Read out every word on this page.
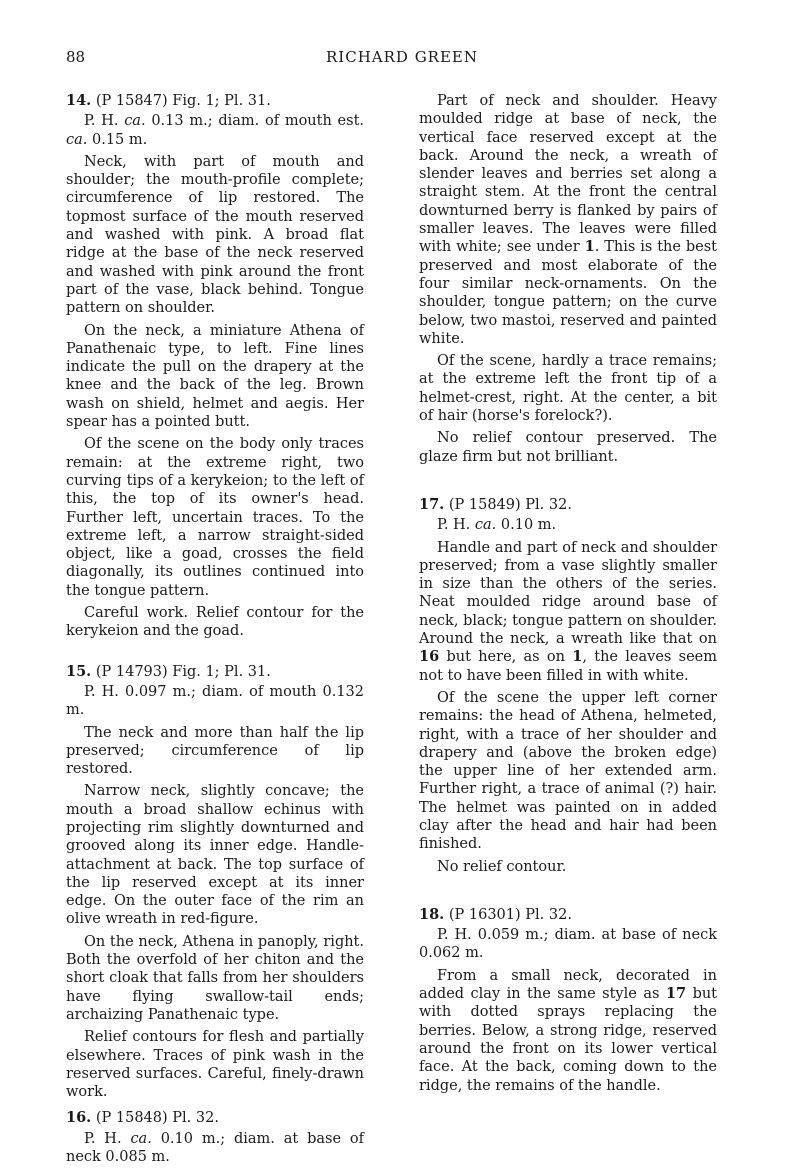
88	RICHARD GREEN
14. (P 15847) Fig. 1; Pl. 31.

P. H. ca. 0.13 m.; diam. of mouth est. ca. 0.15 m.

Neck, with part of mouth and shoulder; the mouth-profile complete; circumference of lip restored. The topmost surface of the mouth reserved and washed with pink. A broad flat ridge at the base of the neck reserved and washed with pink around the front part of the vase, black behind. Tongue pattern on shoulder.

On the neck, a miniature Athena of Panathenaic type, to left. Fine lines indicate the pull on the drapery at the knee and the back of the leg. Brown wash on shield, helmet and aegis. Her spear has a pointed butt.

Of the scene on the body only traces remain: at the extreme right, two curving tips of a kerykeion; to the left of this, the top of its owner's head. Further left, uncertain traces. To the extreme left, a narrow straight-sided object, like a goad, crosses the field diagonally, its outlines continued into the tongue pattern.

Careful work. Relief contour for the kerykeion and the goad.

15. (P 14793) Fig. 1; Pl. 31.

P. H. 0.097 m.; diam. of mouth 0.132 m.

The neck and more than half the lip preserved; circumference of lip restored.

Narrow neck, slightly concave; the mouth a broad shallow echinus with projecting rim slightly downturned and grooved along its inner edge. Handle-attachment at back. The top surface of the lip reserved except at its inner edge. On the outer face of the rim an olive wreath in red-figure.

On the neck, Athena in panoply, right. Both the overfold of her chiton and the short cloak that falls from her shoulders have flying swallow-tail ends; archaizing Panathenaic type.

Relief contours for flesh and partially elsewhere. Traces of pink wash in the reserved surfaces. Careful, finely-drawn work.

16. (P 15848) Pl. 32.

P. H. ca. 0.10 m.; diam. at base of neck 0.085 m.

Part of neck and shoulder. Heavy moulded ridge at base of neck, the vertical face reserved except at the back. Around the neck, a wreath of slender leaves and berries set along a straight stem. At the front the central downturned berry is flanked by pairs of smaller leaves. The leaves were filled with white; see under 1. This is the best preserved and most elaborate of the four similar neck-ornaments. On the shoulder, tongue pattern; on the curve below, two mastoi, reserved and painted white.

Of the scene, hardly a trace remains; at the extreme left the front tip of a helmet-crest, right. At the center, a bit of hair (horse's forelock?).

No relief contour preserved. The glaze firm but not brilliant.

17. (P 15849) Pl. 32.

P. H. ca. 0.10 m.

Handle and part of neck and shoulder preserved; from a vase slightly smaller in size than the others of the series. Neat moulded ridge around base of neck, black; tongue pattern on shoulder. Around the neck, a wreath like that on 16 but here, as on 1, the leaves seem not to have been filled in with white.

Of the scene the upper left corner remains: the head of Athena, helmeted, right, with a trace of her shoulder and drapery and (above the broken edge) the upper line of her extended arm. Further right, a trace of animal (?) hair. The helmet was painted on in added clay after the head and hair had been finished.

No relief contour.

18. (P 16301) Pl. 32.

P. H. 0.059 m.; diam. at base of neck 0.062 m.

From a small neck, decorated in added clay in the same style as 17 but with dotted sprays replacing the berries. Below, a strong ridge, reserved around the front on its lower vertical face. At the back, coming down to the ridge, the remains of the handle.
